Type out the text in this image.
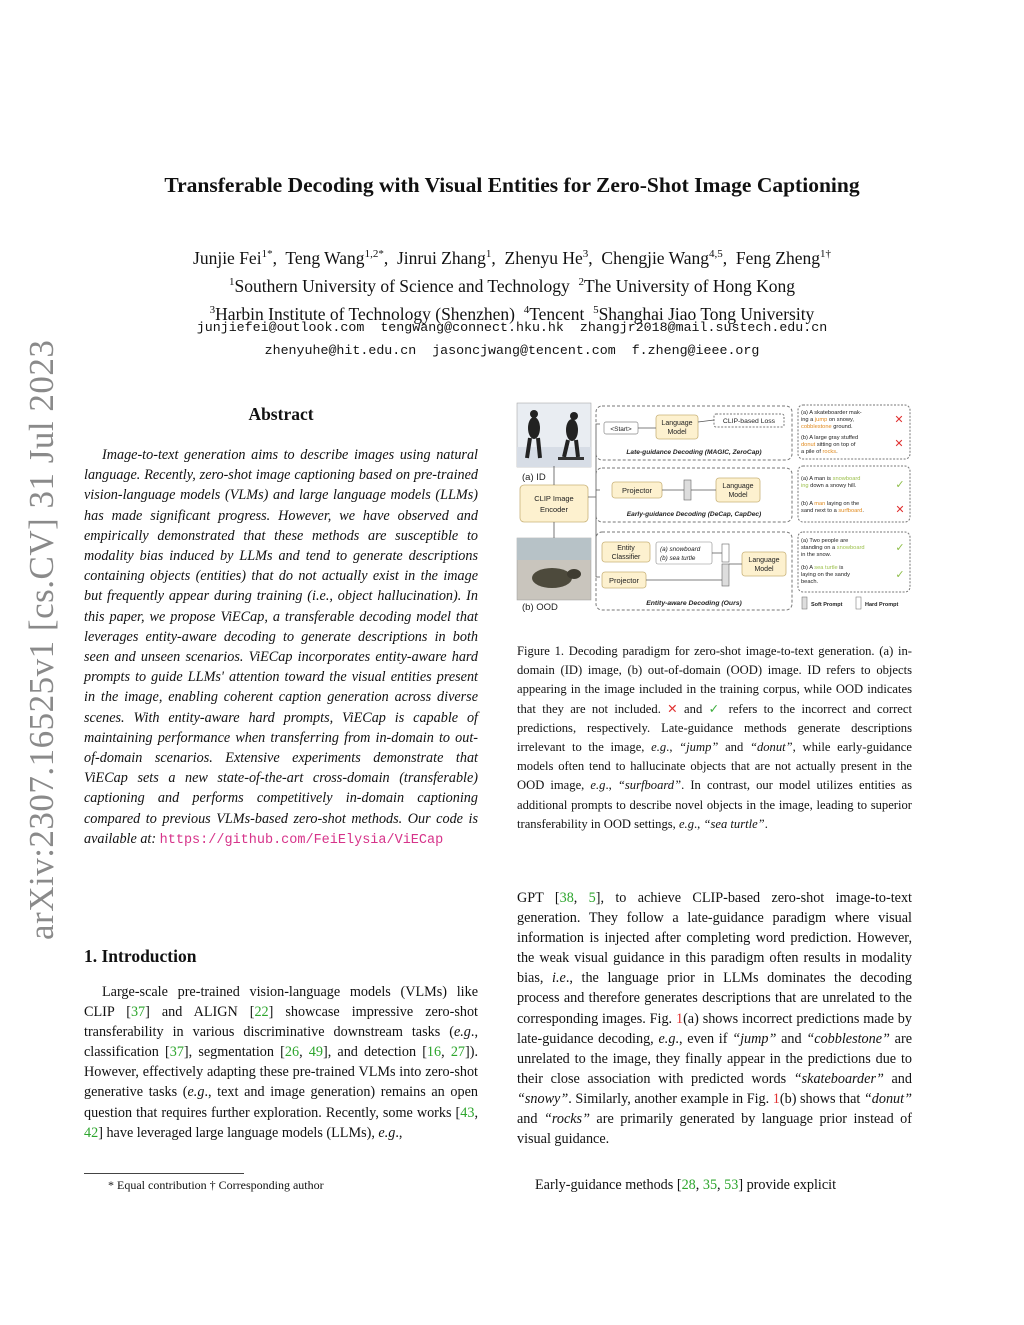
arXiv:2307.16525v1 [cs.CV] 31 Jul 2023
Transferable Decoding with Visual Entities for Zero-Shot Image Captioning
Junjie Fei$^{1*}$,  Teng Wang$^{1,2*}$,  Jinrui Zhang$^1$,  Zhenyu He$^3$,  Chengjie Wang$^{4,5}$,  Feng Zheng$^{1\dagger}$
$^1$Southern University of Science and Technology $^2$The University of Hong Kong
$^3$Harbin Institute of Technology (Shenzhen) $^4$Tencent $^5$Shanghai Jiao Tong University
junjiefei@outlook.com tengwang@connect.hku.hk zhangjr2018@mail.sustech.edu.cn
zhenyuhe@hit.edu.cn jasoncjwang@tencent.com f.zheng@ieee.org
Abstract
Image-to-text generation aims to describe images using natural language. Recently, zero-shot image captioning based on pre-trained vision-language models (VLMs) and large language models (LLMs) has made significant progress. However, we have observed and empirically demonstrated that these methods are susceptible to modality bias induced by LLMs and tend to generate descriptions containing objects (entities) that do not actually exist in the image but frequently appear during training (i.e., object hallucination). In this paper, we propose ViECap, a transferable decoding model that leverages entity-aware decoding to generate descriptions in both seen and unseen scenarios. ViECap incorporates entity-aware hard prompts to guide LLMs' attention toward the visual entities present in the image, enabling coherent caption generation across diverse scenes. With entity-aware hard prompts, ViECap is capable of maintaining performance when transferring from in-domain to out-of-domain scenarios. Extensive experiments demonstrate that ViECap sets a new state-of-the-art cross-domain (transferable) captioning and performs competitively in-domain captioning compared to previous VLMs-based zero-shot methods. Our code is available at: https://github.com/FeiElysia/ViECap
1. Introduction
Large-scale pre-trained vision-language models (VLMs) like CLIP [37] and ALIGN [22] showcase impressive zero-shot transferability in various discriminative downstream tasks (e.g., classification [37], segmentation [26, 49], and detection [16, 27]). However, effectively adapting these pre-trained VLMs into zero-shot generative tasks (e.g., text and image generation) remains an open question that requires further exploration. Recently, some works [43, 42] have leveraged large language models (LLMs), e.g.,
* Equal contribution † Corresponding author
(a) ID
CLIP Image
Encoder
(b) OOD
<Start>
Language
Model
CLIP-based Loss
Late-guidance Decoding (MAGIC, ZeroCap)
Projector	Language
Model
Early-guidance Decoding (DeCap, CapDec)
Entity
Classifier
(a) snowboard
(b) sea turtle
Projector
Language
Model
Entity-aware Decoding (Ours)
(a) A skateboarder mak-
ing a jump on snowy,
cobblestone ground.
(b) A large gray stuffed
donut sitting on top of
a pile of rocks.
✕
✕
(a) A man is snowboard
ing down a snowy hill.
(b) A man laying on the
sand next to a surfboard.
✓
✕
(a) Two people are
standing on a snowboard
in the snow.
(b) A sea turtle is
laying on the sandy
beach.
✓
✓
Soft Prompt	Hard Prompt
Figure 1. Decoding paradigm for zero-shot image-to-text generation. (a) in-domain (ID) image, (b) out-of-domain (OOD) image. ID refers to objects appearing in the image included in the training corpus, while OOD indicates that they are not included. ✕ and ✓ refers to the incorrect and correct predictions, respectively. Late-guidance methods generate descriptions irrelevant to the image, e.g., “jump” and “donut”, while early-guidance models often tend to hallucinate objects that are not actually present in the OOD image, e.g., “surfboard”. In contrast, our model utilizes entities as additional prompts to describe novel objects in the image, leading to superior transferability in OOD settings, e.g., “sea turtle”.
GPT [38, 5], to achieve CLIP-based zero-shot image-to-text generation. They follow a late-guidance paradigm where visual information is injected after completing word prediction. However, the weak visual guidance in this paradigm often results in modality bias, i.e., the language prior in LLMs dominates the decoding process and therefore generates descriptions that are unrelated to the corresponding images. Fig. 1(a) shows incorrect predictions made by late-guidance decoding, e.g., even if “jump” and “cobblestone” are unrelated to the image, they finally appear in the predictions due to their close association with predicted words “skateboarder” and “snowy”. Similarly, another example in Fig. 1(b) shows that “donut” and “rocks” are primarily generated by language prior instead of visual guidance.
Early-guidance methods [28, 35, 53] provide explicit
